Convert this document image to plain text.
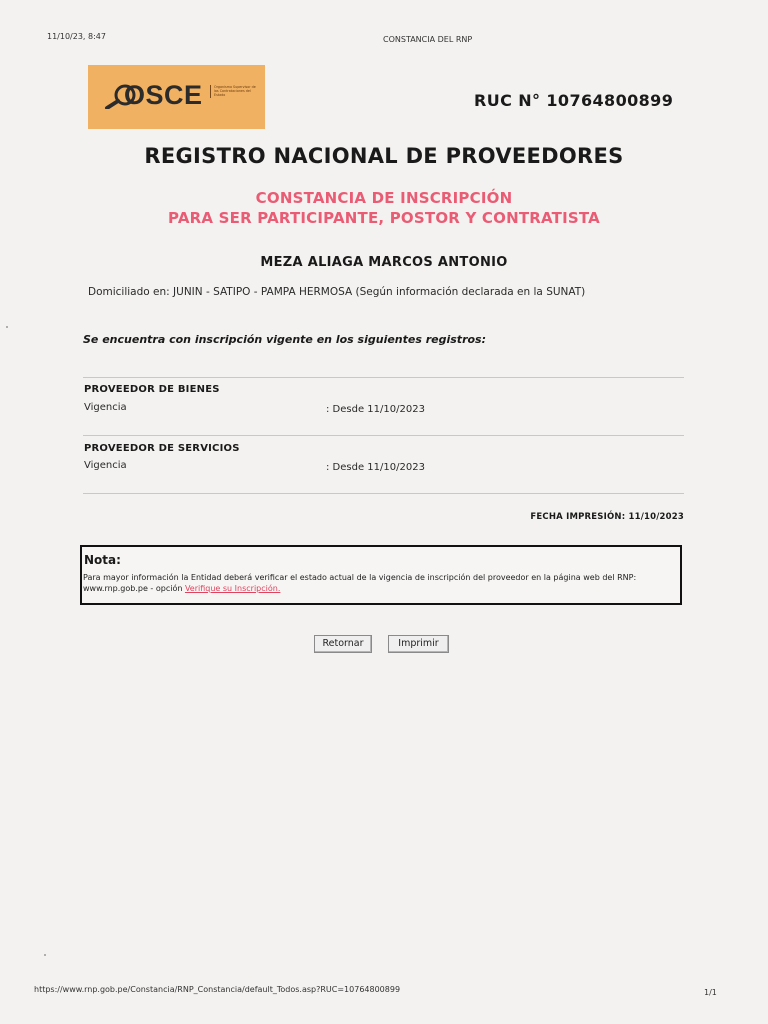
11/10/23, 8:47	CONSTANCIA DEL RNP
OSCE	Organismo Supervisor de las Contrataciones del Estado	RUC N° 10764800899
REGISTRO NACIONAL DE PROVEEDORES
CONSTANCIA DE INSCRIPCIÓN
PARA SER PARTICIPANTE, POSTOR Y CONTRATISTA
MEZA ALIAGA MARCOS ANTONIO
Domiciliado en: JUNIN - SATIPO - PAMPA HERMOSA (Según información declarada en la SUNAT)
Se encuentra con inscripción vigente en los siguientes registros:
PROVEEDOR DE BIENES
Vigencia	: Desde 11/10/2023
PROVEEDOR DE SERVICIOS
Vigencia	: Desde 11/10/2023
FECHA IMPRESIÓN: 11/10/2023
Nota:
Para mayor información la Entidad deberá verificar el estado actual de la vigencia de inscripción del proveedor en la página web del RNP: www.rnp.gob.pe - opción Verifique su Inscripción.
Retornar	Imprimir
https://www.rnp.gob.pe/Constancia/RNP_Constancia/default_Todos.asp?RUC=10764800899	1/1
